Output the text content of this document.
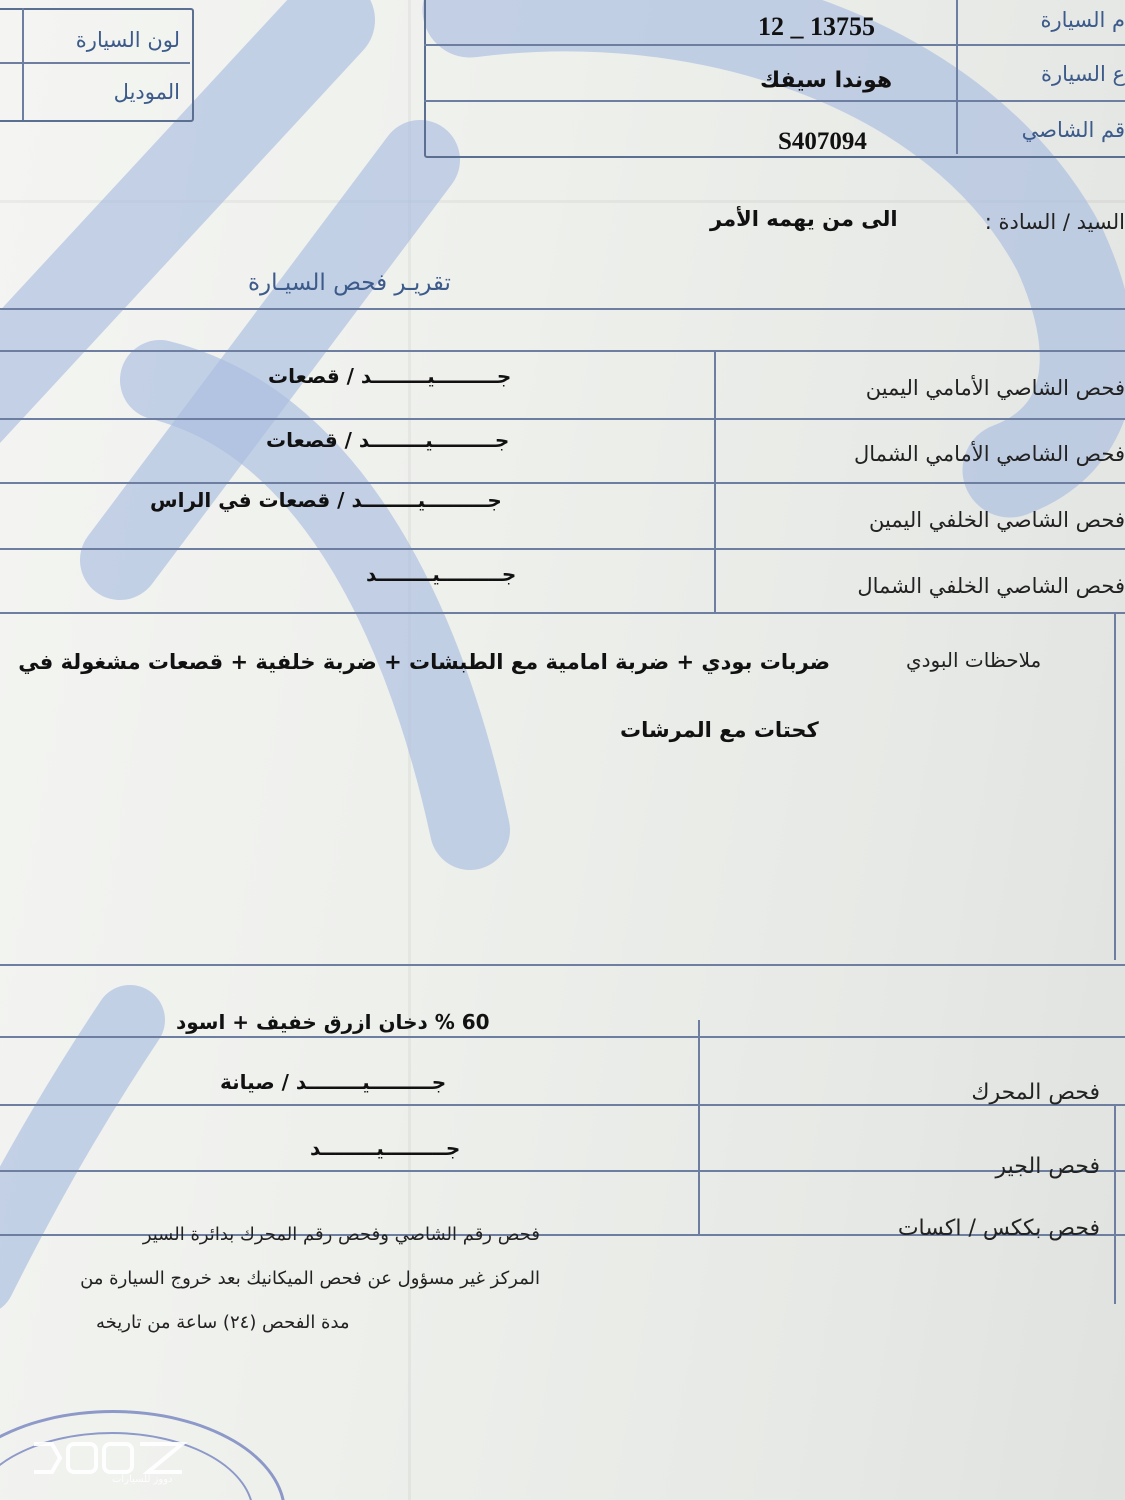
لون السيارة
الموديل
م السيارة
12 _ 13755
ع السيارة
هوندا سيفك
قم الشاصي
S407094
السيد / السادة :
الى من يهمه الأمر
تقريـر فحص السيـارة
فحص الشاصي الأمامي اليمين
جـــــــــيــــــــد / قصعات
فحص الشاصي الأمامي الشمال
جـــــــــيــــــــد / قصعات
فحص الشاصي الخلفي اليمين
جـــــــــيــــــــد / قصعات في الراس
فحص الشاصي الخلفي الشمال
جـــــــــيــــــــد
ملاحظات البودي
ضربات بودي + ضربة امامية مع الطبشات + ضربة خلفية + قصعات مشغولة في
كحتات مع المرشات
فحص المحرك
60 % دخان ازرق خفيف + اسود
فحص الجير
جـــــــــيــــــــد / صيانة
فحص بككس / اكسات
جـــــــــيــــــــد
فحص رقم الشاصي وفحص رقم المحرك بدائرة السير
المركز غير مسؤول عن فحص الميكانيك بعد خروج السيارة من
مدة الفحص (٢٤) ساعة من تاريخه
دووز للسيارات
